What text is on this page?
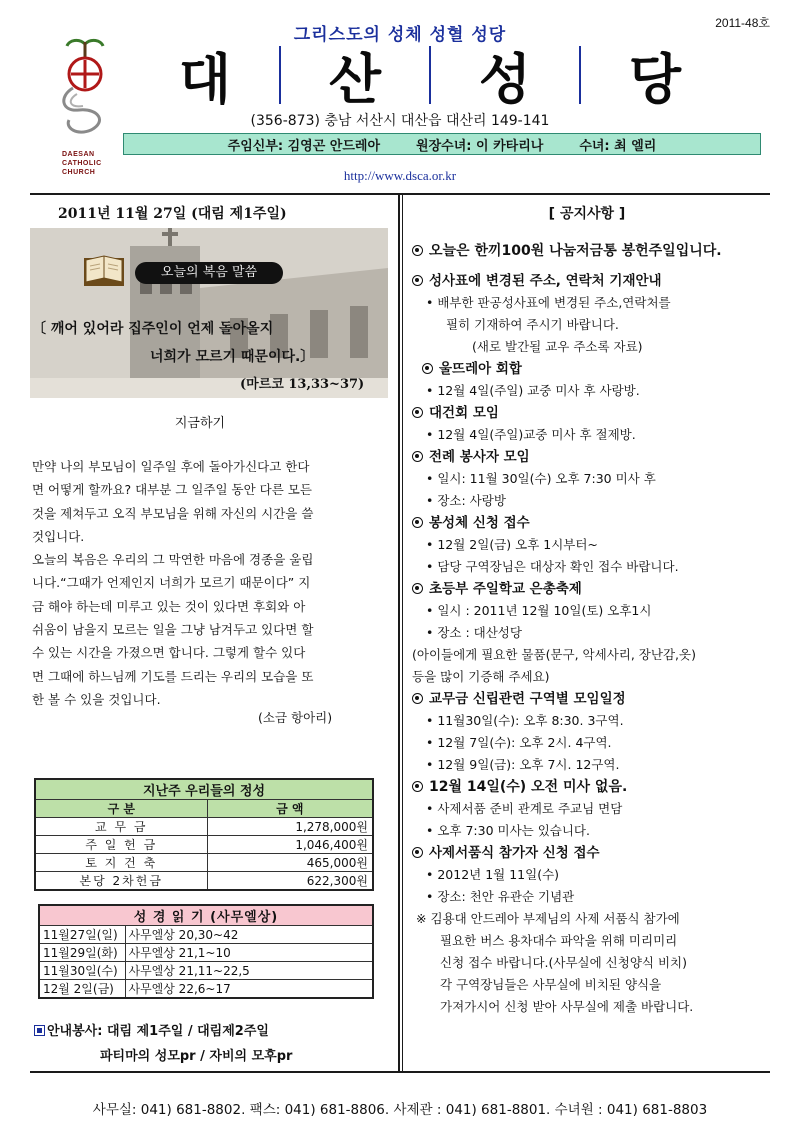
2011-48호
DAESAN
CATHOLIC
CHURCH
그리스도의 성체 성혈 성당
대	산	성	당
(356-873) 충남 서산시 대산읍 대산리 149-141
주임신부: 김영곤 안드레아	원장수녀: 이 카타리나	수녀: 최 엘리
http://www.dsca.or.kr
2011년 11월 27일 (대림 제1주일)
오늘의 복음 말씀
〔 깨어 있어라 집주인이 언제 돌아올지
너희가 모르기 때문이다.〕
(마르코 13,33~37)
지금하기
만약 나의 부모님이 일주일 후에 돌아가신다고 한다
면 어떻게 할까요? 대부분 그 일주일 동안 다른 모든
것을 제쳐두고 오직 부모님을 위해 자신의 시간을 쓸
것입니다.
오늘의 복음은 우리의 그 막연한 마음에 경종을 울립
니다.“그때가 언제인지 너희가 모르기 때문이다” 지
금 해야 하는데 미루고 있는 것이 있다면 후회와 아
쉬움이 남을지 모르는 일을 그냥 남겨두고 있다면 할
수 있는 시간을 가졌으면 합니다. 그렇게 할수 있다
면 그때에 하느님께 기도를 드리는 우리의 모습을 또
한 볼 수 있을 것입니다.
(소금 항아리)
지난주 우리들의 정성	
구 분	금 액
교 무 금	1,278,000원
주 일 헌 금	1,046,400원
토 지 건 축	465,000원
본당 2차헌금	622,300원
성 경 읽 기 (사무엘상)	
11월27일(일)	사무엘상 20,30~42
11월29일(화)	사무엘상 21,1~10
11월30일(수)	사무엘상 21,11~22,5
12월 2일(금)	사무엘상 22,6~17
안내봉사: 대림 제1주일 / 대림제2주일
파티마의 성모pr / 자비의 모후pr
[ 공지사항 ]
오늘은 한끼100원 나눔저금통 봉헌주일입니다.
성사표에 변경된 주소, 연락처 기재안내
• 배부한 판공성사표에 변경된 주소,연락처를
필히 기재하여 주시기 바랍니다.
(새로 발간될 교우 주소록 자료)
울뜨레아 회합
• 12월 4일(주일) 교중 미사 후 사랑방.
대건회 모임
• 12월 4일(주일)교중 미사 후 절제방.
전례 봉사자 모임
• 일시: 11월 30일(수) 오후 7:30 미사 후
• 장소: 사랑방
봉성체 신청 접수
• 12월 2일(금) 오후 1시부터~
• 담당 구역장님은 대상자 확인 접수 바랍니다.
초등부 주일학교 은총축제
• 일시 : 2011년 12월 10일(토) 오후1시
• 장소 : 대산성당
(아이들에게 필요한 물품(문구, 악세사리, 장난감,옷)
등을 많이 기증해 주세요)
교무금 신립관련 구역별 모임일정
• 11월30일(수): 오후 8:30. 3구역.
• 12월 7일(수): 오후 2시. 4구역.
• 12월 9일(금): 오후 7시. 12구역.
12월 14일(수) 오전 미사 없음.
• 사제서품 준비 관계로 주교님 면담
• 오후 7:30 미사는 있습니다.
사제서품식 참가자 신청 접수
• 2012년 1월 11일(수)
• 장소: 천안 유관순 기념관
※ 김용대 안드레아 부제님의 사제 서품식 참가에
필요한 버스 용차대수 파악을 위해 미리미리
신청 접수 바랍니다.(사무실에 신청양식 비치)
각 구역장님들은 사무실에 비치된 양식을
가져가시어 신청 받아 사무실에 제출 바랍니다.
사무실: 041) 681-8802. 팩스: 041) 681-8806. 사제관 : 041) 681-8801. 수녀원 : 041) 681-8803
